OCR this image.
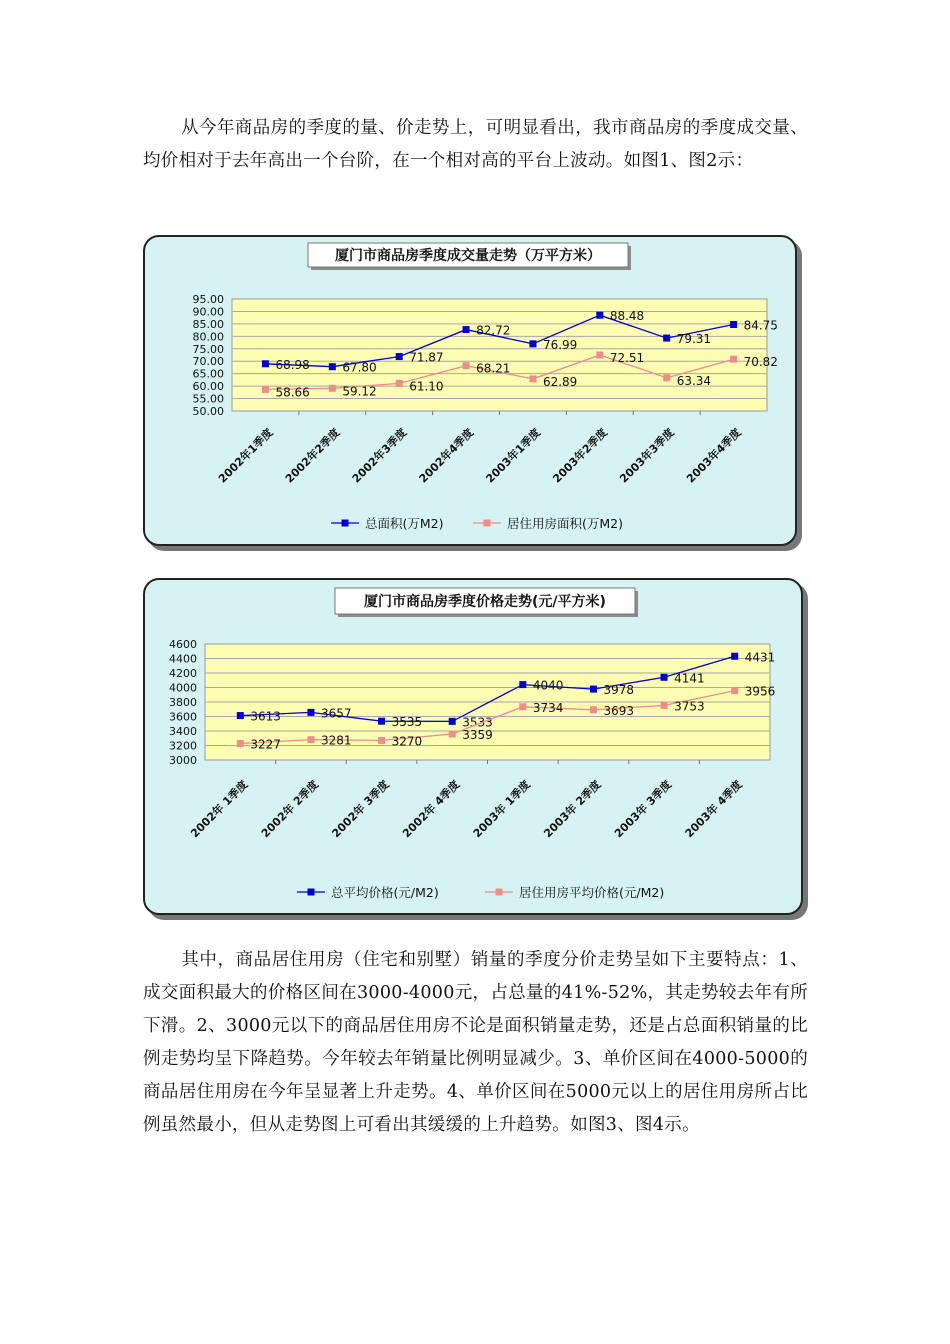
从今年商品房的季度的量、价走势上，可明显看出，我市商品房的季度成交量、均价相对于去年高出一个台阶，在一个相对高的平台上波动。如图1、图2示：

厦门市商品房季度成交量走势（万平方米）
50.00
55.00
60.00
65.00
70.00
75.00
80.00
85.00
90.00
95.00
2002年1季度 2002年2季度 2002年3季度 2002年4季度 2003年1季度 2003年2季度 2003年3季度 2003年4季度
68.98	67.80
71.87
82.72
76.99
88.48
79.31
84.75
58.66	59.12	61.10
68.21
62.89
72.51
63.34
70.82
总面积(万M2)	居住用房面积(万M2)
厦门市商品房季度价格走势(元/平方米)
3000
3200
3400
3600
3800
4000
4200
4400
4600
2002年 1季度 2002年 2季度 2002年 3季度 2002年 4季度 2003年 1季度 2003年 2季度 2003年 3季度 2003年 4季度
3613	3657
3535	3533
4040	3978
4141
4431
3227	3281	3270	3359
3734	3693	3753
3956
总平均价格(元/M2)	居住用房平均价格(元/M2)

其中，商品居住用房（住宅和别墅）销量的季度分价走势呈如下主要特点：1、成交面积最大的价格区间在3000-4000元，占总量的41%-52%，其走势较去年有所下滑。2、3000元以下的商品居住用房不论是面积销量走势，还是占总面积销量的比例走势均呈下降趋势。今年较去年销量比例明显减少。3、单价区间在4000-5000的商品居住用房在今年呈显著上升走势。4、单价区间在5000元以上的居住用房所占比例虽然最小，但从走势图上可看出其缓缓的上升趋势。如图3、图4示。
